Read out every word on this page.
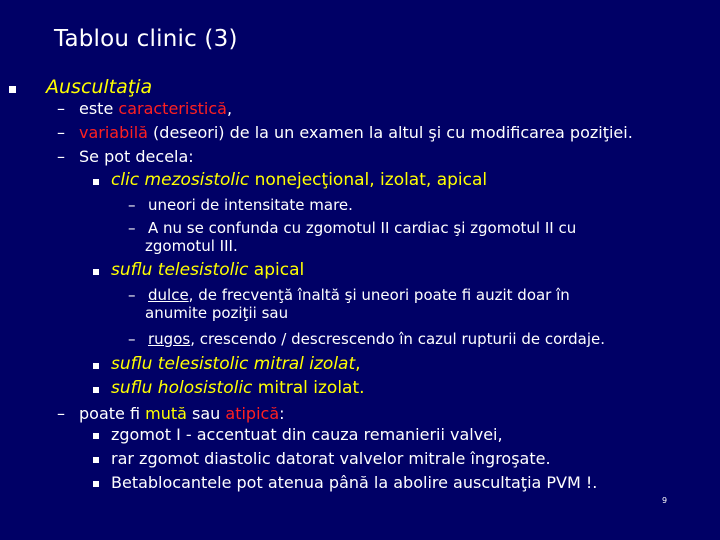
Tablou clinic (3)
Auscultaţia
– este caracteristică,
– variabilă (deseori) de la un examen la altul şi cu modificarea poziţiei.
– Se pot decela:
clic mezosistolic nonejecţional, izolat, apical
– uneori de intensitate mare.
– A nu se confunda cu zgomotul II cardiac şi zgomotul II cu
zgomotul III.
suflu telesistolic apical
– dulce, de frecvenţă înaltă şi uneori poate fi auzit doar în
anumite poziţii sau
– rugos, crescendo / descrescendo în cazul rupturii de cordaje.
suflu telesistolic mitral izolat,
suflu holosistolic mitral izolat.
– poate fi mută sau atipică:
zgomot I - accentuat din cauza remanierii valvei,
rar zgomot diastolic datorat valvelor mitrale îngroşate.
Betablocantele pot atenua până la abolire auscultaţia PVM !.
9
